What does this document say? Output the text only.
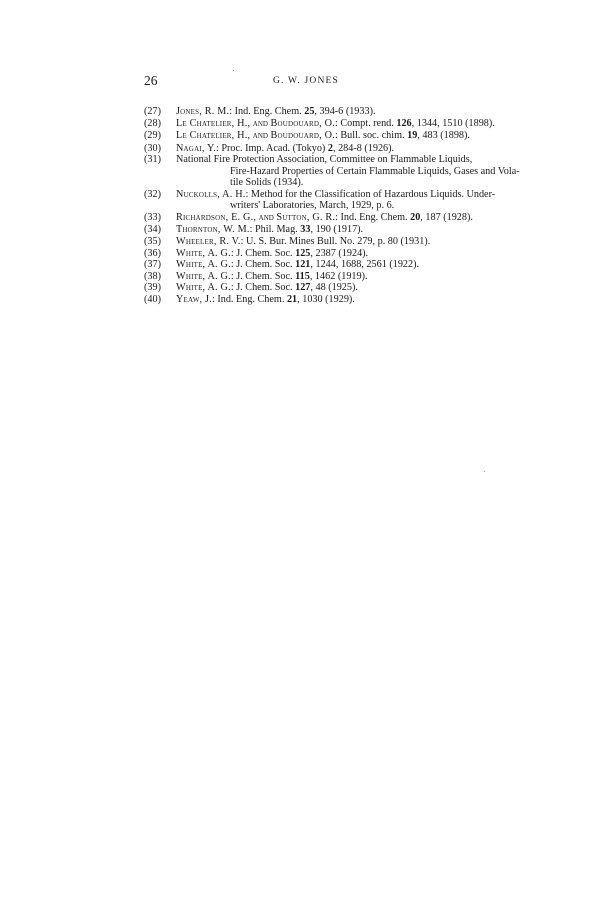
26	G. W. JONES
(27) Jones, R. M.: Ind. Eng. Chem. 25, 394-6 (1933).
(28) Le Chatelier, H., and Boudouard, O.: Compt. rend. 126, 1344, 1510 (1898).
(29) Le Chatelier, H., and Boudouard, O.: Bull. soc. chim. 19, 483 (1898).
(30) Nagai, Y.: Proc. Imp. Acad. (Tokyo) 2, 284-8 (1926).
(31) National Fire Protection Association, Committee on Flammable Liquids,
Fire-Hazard Properties of Certain Flammable Liquids, Gases and Vola-
tile Solids (1934).
(32) Nuckolls, A. H.: Method for the Classification of Hazardous Liquids. Under-
writers' Laboratories, March, 1929, p. 6.
(33) Richardson, E. G., and Sutton, G. R.: Ind. Eng. Chem. 20, 187 (1928).
(34) Thornton, W. M.: Phil. Mag. 33, 190 (1917).
(35) Wheeler, R. V.: U. S. Bur. Mines Bull. No. 279, p. 80 (1931).
(36) White, A. G.: J. Chem. Soc. 125, 2387 (1924).
(37) White, A. G.: J. Chem. Soc. 121, 1244, 1688, 2561 (1922).
(38) White, A. G.: J. Chem. Soc. 115, 1462 (1919).
(39) White, A. G.: J. Chem. Soc. 127, 48 (1925).
(40) Yeaw, J.: Ind. Eng. Chem. 21, 1030 (1929).
